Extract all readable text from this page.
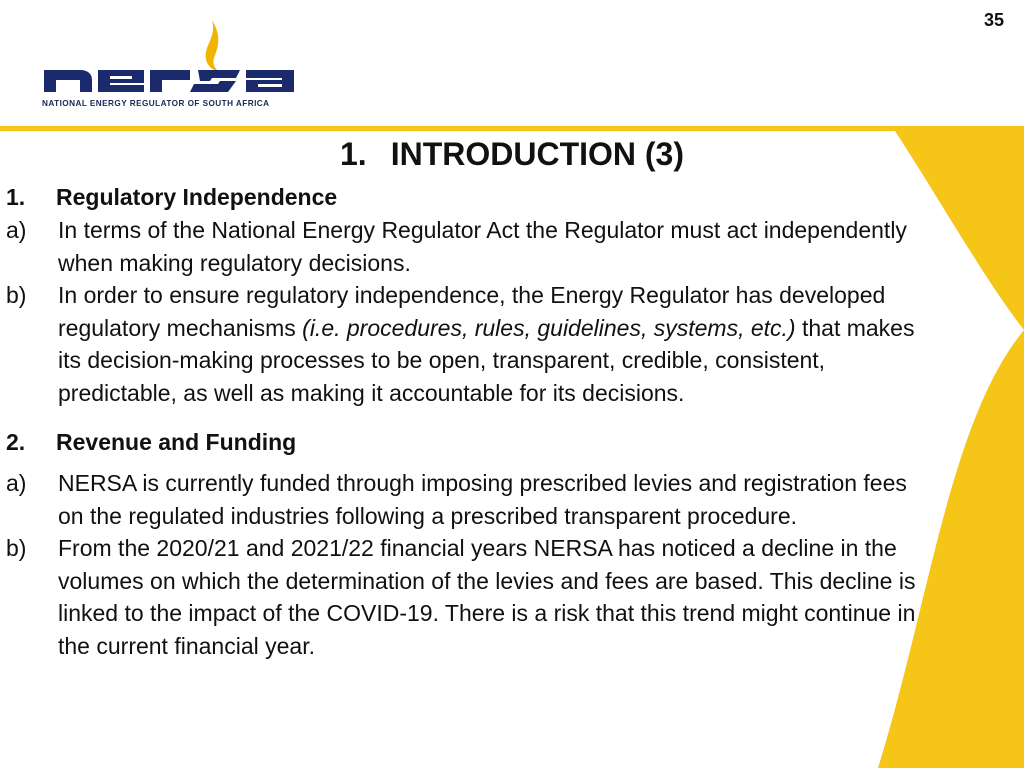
35
NATIONAL ENERGY REGULATOR OF SOUTH AFRICA
1. INTRODUCTION (3)
1.	Regulatory Independence
a)	In terms of the National Energy Regulator Act the Regulator must act independently when making regulatory decisions.
b)	In order to ensure regulatory independence, the Energy Regulator has developed regulatory mechanisms (i.e. procedures, rules, guidelines, systems, etc.) that makes its decision-making processes to be open, transparent, credible, consistent, predictable, as well as making it accountable for its decisions.
2.	Revenue and Funding
a)	NERSA is currently funded through imposing prescribed levies and registration fees on the regulated industries following a prescribed transparent procedure.
b)	From the 2020/21 and 2021/22 financial years NERSA has noticed a decline in the volumes on which the determination of the levies and fees are based. This decline is linked to the impact of the COVID-19. There is a risk that this trend might continue in the current financial year.
